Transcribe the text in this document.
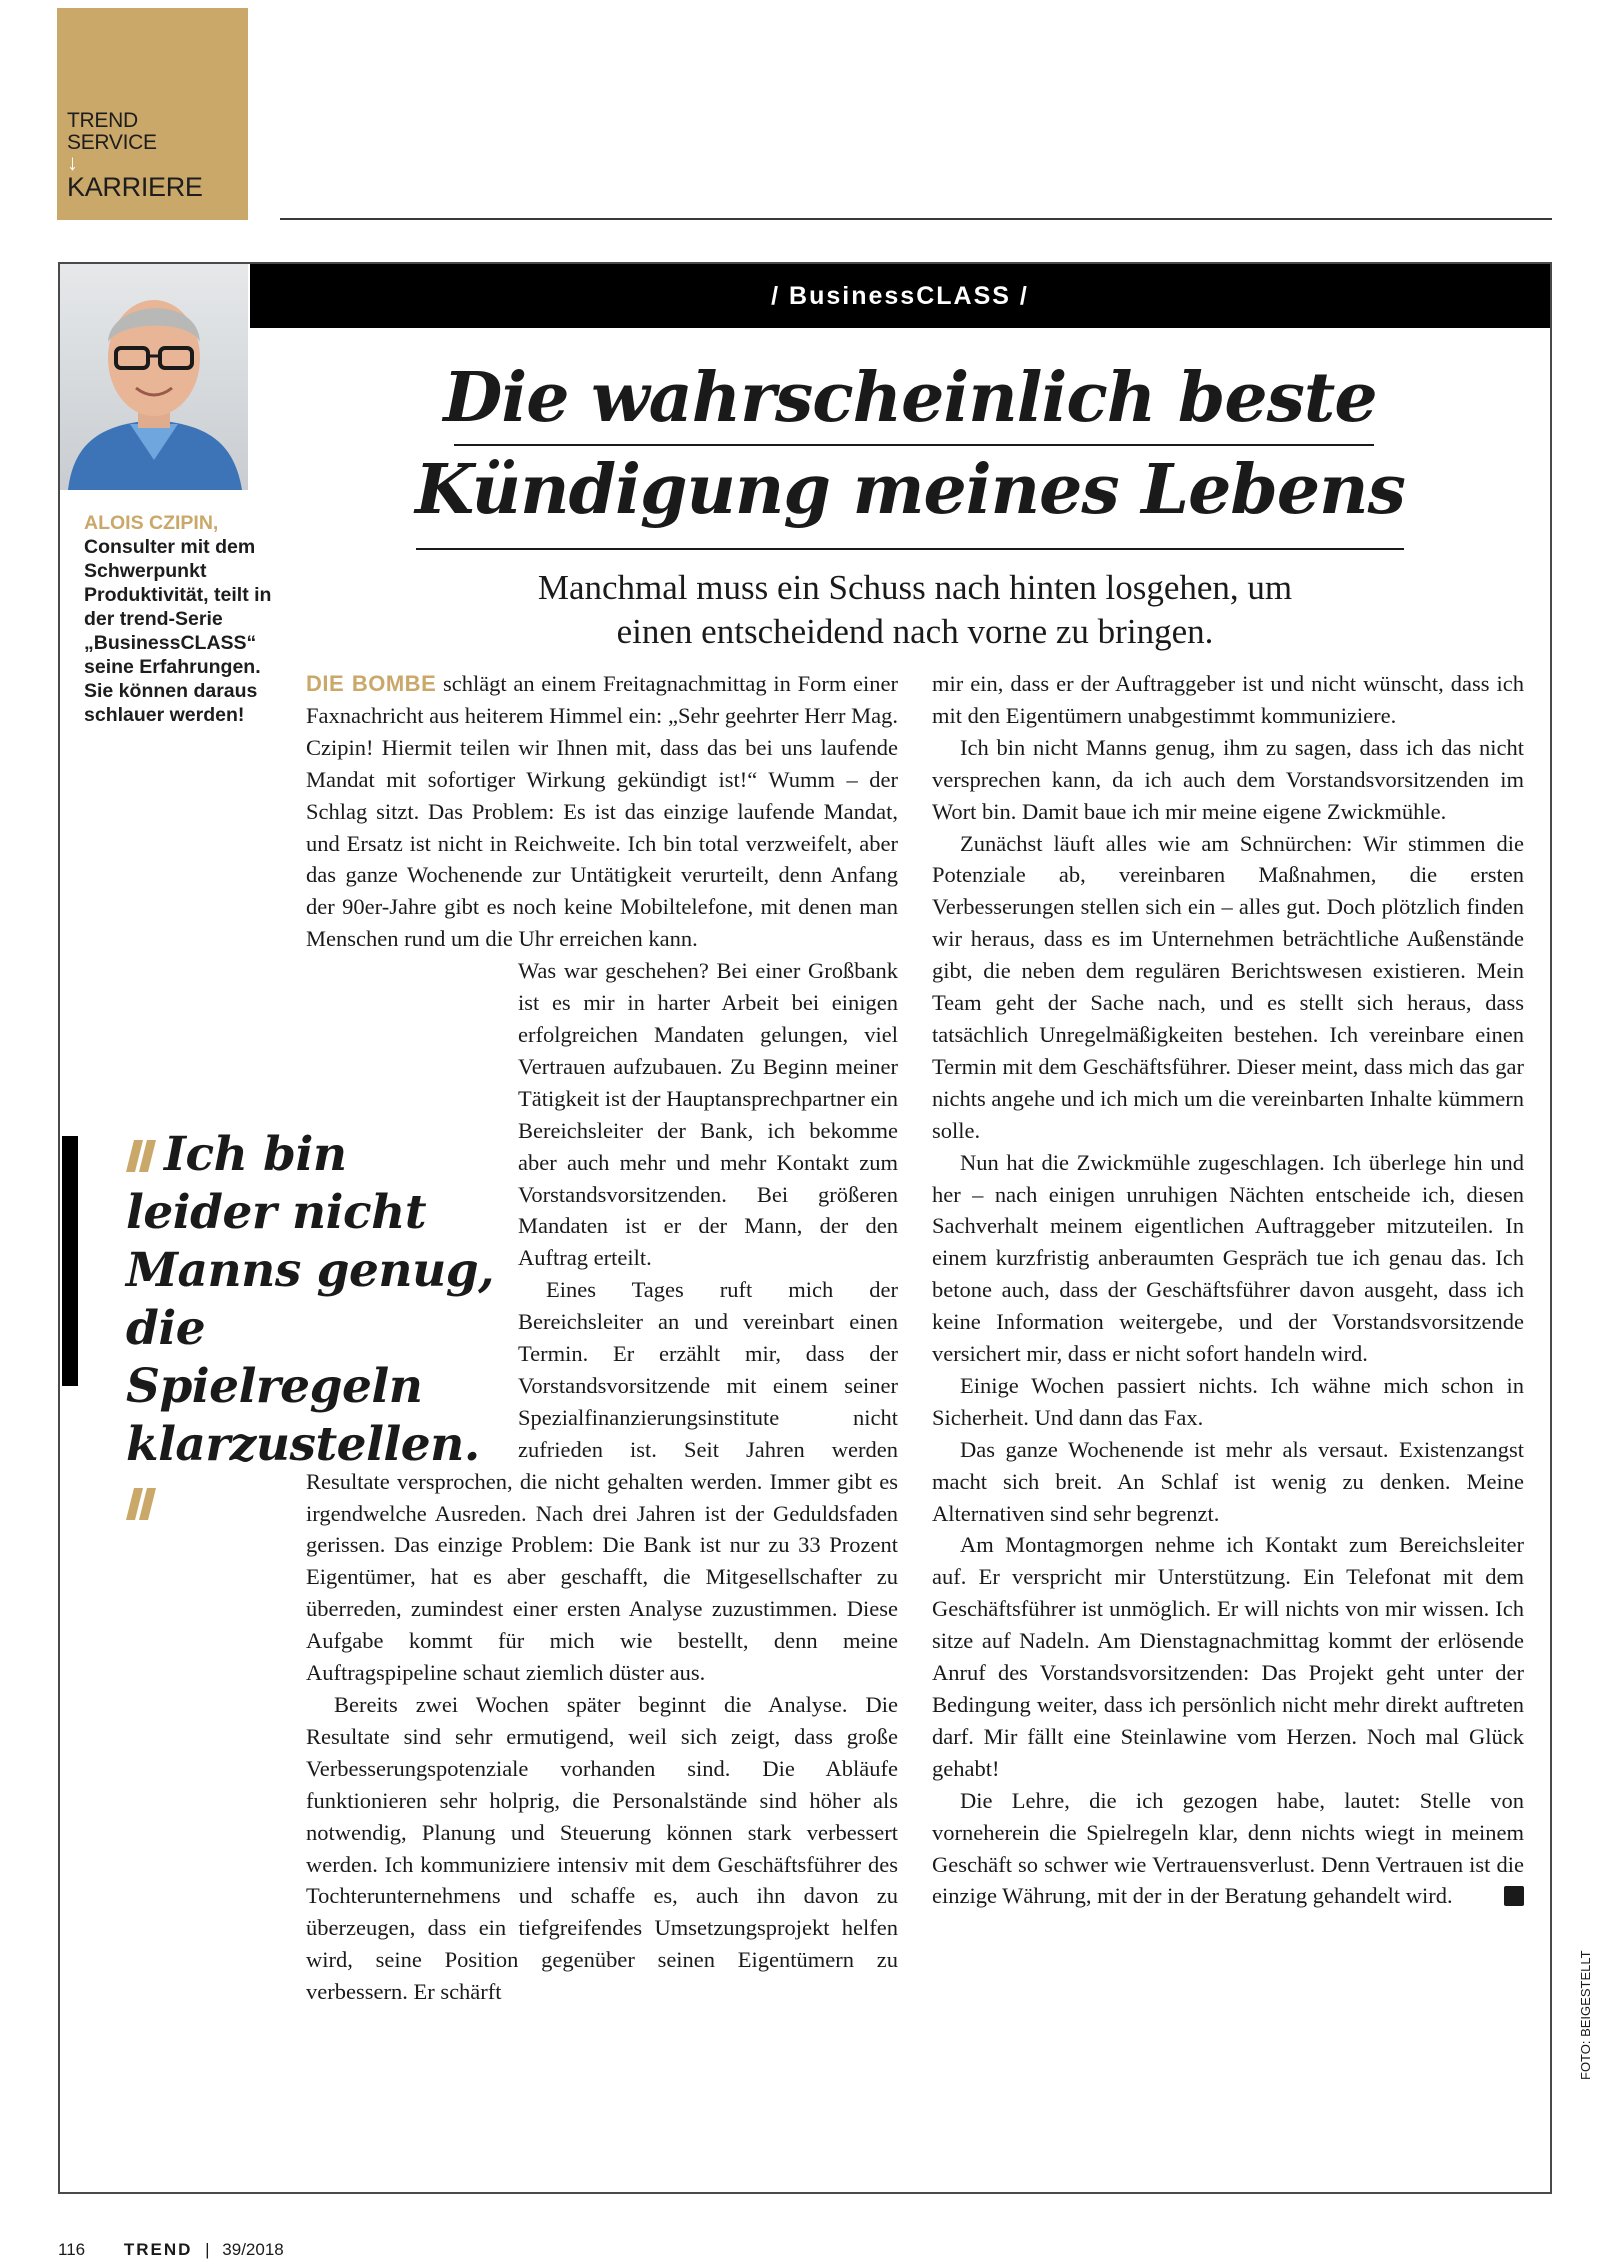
TREND
SERVICE
↓
KARRIERE
ALOIS CZIPIN,
Consulter mit dem Schwerpunkt Produktivität, teilt in der trend-Serie „BusinessCLASS“ seine Erfahrungen. Sie können daraus schlauer werden!
/ BusinessCLASS /
Die wahrscheinlich beste
Kündigung meines Lebens
Manchmal muss ein Schuss nach hinten losgehen, um
einen entscheidend nach vorne zu bringen.

DIE BOMBE schlägt an einem Freitagnachmittag in Form einer Faxnachricht aus heiterem Himmel ein: „Sehr geehrter Herr Mag. Czipin! Hiermit teilen wir Ihnen mit, dass das bei uns laufende Mandat mit sofortiger Wirkung gekündigt ist!“ Wumm – der Schlag sitzt. Das Problem: Es ist das einzige laufende Mandat, und Ersatz ist nicht in Reichweite. Ich bin total verzweifelt, aber das ganze Wochenende zur Untätigkeit verurteilt, denn Anfang der 90er-Jahre gibt es noch keine Mobiltelefone, mit denen man Menschen rund um die Uhr erreichen kann.

Was war geschehen? Bei einer Großbank ist es mir in harter Arbeit bei einigen erfolgreichen Mandaten gelungen, viel Vertrauen aufzubauen. Zu Beginn meiner Tätigkeit ist der Hauptansprechpartner ein Bereichsleiter der Bank, ich bekomme aber auch mehr und mehr Kontakt zum Vorstandsvorsitzenden. Bei größeren Mandaten ist er der Mann, der den Auftrag erteilt.

Eines Tages ruft mich der Bereichsleiter an und vereinbart einen Termin. Er erzählt mir, dass der Vorstandsvorsitzende mit einem seiner Spezialfinanzierungsinstitute nicht zufrieden ist. Seit Jahren werden Resultate versprochen, die nicht gehalten werden. Immer gibt es irgendwelche Ausreden. Nach drei Jahren ist der Geduldsfaden gerissen. Das einzige Problem: Die Bank ist nur zu 33 Prozent Eigentümer, hat es aber geschafft, die Mitgesellschafter zu überreden, zumindest einer ersten Analyse zuzustimmen. Diese Aufgabe kommt für mich wie bestellt, denn meine Auftragspipeline schaut ziemlich düster aus.

Bereits zwei Wochen später beginnt die Analyse. Die Resultate sind sehr ermutigend, weil sich zeigt, dass große Verbesserungspotenziale vorhanden sind. Die Abläufe funktionieren sehr holprig, die Personalstände sind höher als notwendig, Planung und Steuerung können stark verbessert werden. Ich kommuniziere intensiv mit dem Geschäftsführer des Tochterunternehmens und schaffe es, auch ihn davon zu überzeugen, dass ein tiefgreifendes Umsetzungsprojekt helfen wird, seine Position gegenüber seinen Eigentümern zu verbessern. Er schärft

mir ein, dass er der Auftraggeber ist und nicht wünscht, dass ich mit den Eigentümern unabgestimmt kommuniziere.

Ich bin nicht Manns genug, ihm zu sagen, dass ich das nicht versprechen kann, da ich auch dem Vorstandsvorsitzenden im Wort bin. Damit baue ich mir meine eigene Zwickmühle.

Zunächst läuft alles wie am Schnürchen: Wir stimmen die Potenziale ab, vereinbaren Maßnahmen, die ersten Verbesserungen stellen sich ein – alles gut. Doch plötzlich finden wir heraus, dass es im Unternehmen beträchtliche Außenstände gibt, die neben dem regulären Berichtswesen existieren. Mein Team geht der Sache nach, und es stellt sich heraus, dass tatsächlich Unregelmäßigkeiten bestehen. Ich vereinbare einen Termin mit dem Geschäftsführer. Dieser meint, dass mich das gar nichts angehe und ich mich um die vereinbarten Inhalte kümmern solle.

Nun hat die Zwickmühle zugeschlagen. Ich überlege hin und her – nach einigen unruhigen Nächten entscheide ich, diesen Sachverhalt meinem eigentlichen Auftraggeber mitzuteilen. In einem kurzfristig anberaumten Gespräch tue ich genau das. Ich betone auch, dass der Geschäftsführer davon ausgeht, dass ich keine Information weitergebe, und der Vorstandsvorsitzende versichert mir, dass er nicht sofort handeln wird.

Einige Wochen passiert nichts. Ich wähne mich schon in Sicherheit. Und dann das Fax.

Das ganze Wochenende ist mehr als versaut. Existenzangst macht sich breit. An Schlaf ist wenig zu denken. Meine Alternativen sind sehr begrenzt.

Am Montagmorgen nehme ich Kontakt zum Bereichsleiter auf. Er verspricht mir Unterstützung. Ein Telefonat mit dem Geschäftsführer ist unmöglich. Er will nichts von mir wissen. Ich sitze auf Nadeln. Am Dienstagnachmittag kommt der erlösende Anruf des Vorstandsvorsitzenden: Das Projekt geht unter der Bedingung weiter, dass ich persönlich nicht mehr direkt auftreten darf. Mir fällt eine Steinlawine vom Herzen. Noch mal Glück gehabt!

Die Lehre, die ich gezogen habe, lautet: Stelle von vorneherein die Spielregeln klar, denn nichts wiegt in meinem Geschäft so schwer wie Vertrauensverlust. Denn Vertrauen ist die einzige Währung, mit der in der Beratung gehandelt wird.	T

Ich bin leider nicht Manns genug, die Spielregeln klarzustellen.
116 TREND | 39/2018
FOTO: BEIGESTELLT
